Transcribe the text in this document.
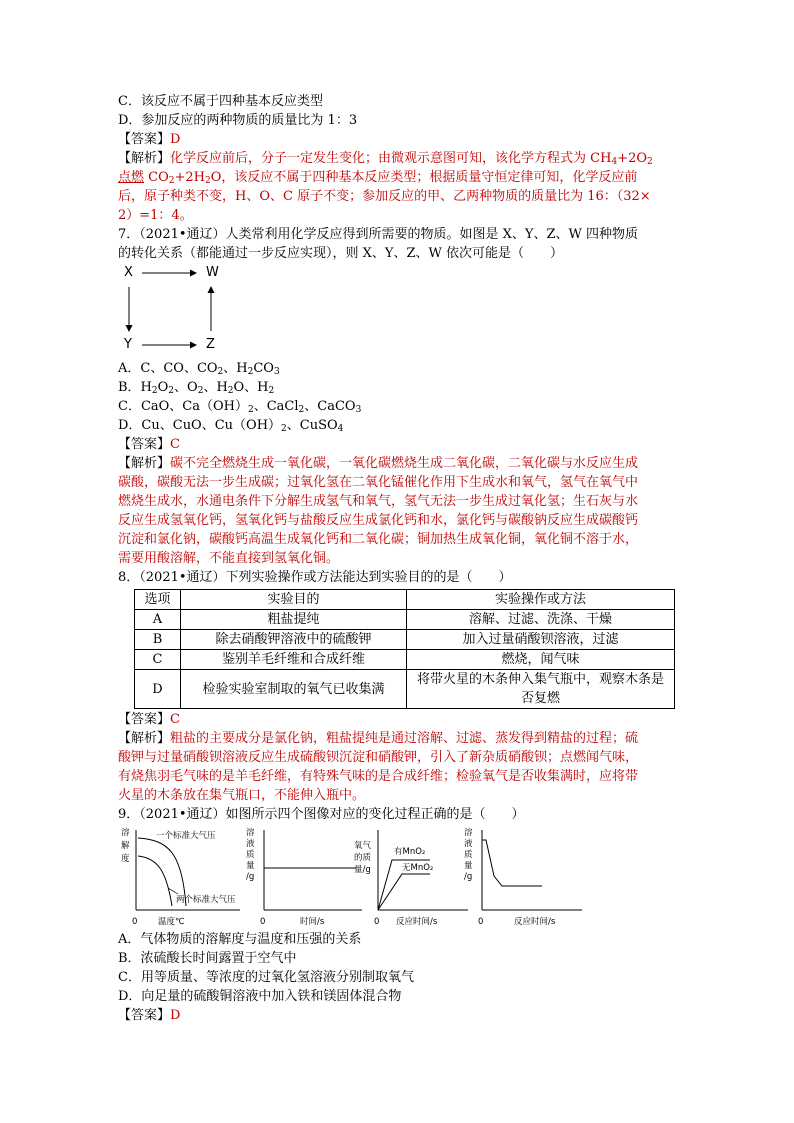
C．该反应不属于四种基本反应类型
D．参加反应的两种物质的质量比为 1：3
【答案】D
【解析】化学反应前后，分子一定发生变化；由微观示意图可知，该化学方程式为 $CH_4+2O_2$
点燃 $CO_2+2H_2O$，该反应不属于四种基本反应类型；根据质量守恒定律可知，化学反应前
后，原子种类不变，H、O、C 原子不变；参加反应的甲、乙两种物质的质量比为 16：（32×
2）=1：4。
7．（2021•通辽）人类常利用化学反应得到所需要的物质。如图是 X、Y、Z、W 四种物质
的转化关系（都能通过一步反应实现），则 X、Y、Z、W 依次可能是（　　）
X	W
Y	Z
A．C、CO、$CO_2$、$H_2CO_3$
B．$H_2O_2$、$O_2$、$H_2O$、$H_2$
C．CaO、$Ca(OH)_2$、CaCl$_2$、CaCO$_3$
D．Cu、CuO、$Cu(OH)_2$、CuSO$_4$
【答案】C
【解析】碳不完全燃烧生成一氧化碳，一氧化碳燃烧生成二氧化碳，二氧化碳与水反应生成
碳酸，碳酸无法一步生成碳；过氧化氢在二氧化锰催化作用下生成水和氧气，氢气在氧气中
燃烧生成水，水通电条件下分解生成氢气和氧气，氢气无法一步生成过氧化氢；生石灰与水
反应生成氢氧化钙，氢氧化钙与盐酸反应生成氯化钙和水，氯化钙与碳酸钠反应生成碳酸钙
沉淀和氯化钠，碳酸钙高温生成氧化钙和二氧化碳；铜加热生成氧化铜，氧化铜不溶于水，
需要用酸溶解，不能直接到氢氧化铜。
8．（2021•通辽）下列实验操作或方法能达到实验目的的是（　　）
选项	实验目的	实验操作或方法
A	粗盐提纯	溶解、过滤、洗涤、干燥
B	除去硝酸钾溶液中的硫酸钾	加入过量硝酸钡溶液，过滤
C	鉴别羊毛纤维和合成纤维	燃烧，闻气味
D	检验实验室制取的氧气已收集满	将带火星的木条伸入集气瓶中，观察木条是
否复燃
【答案】C
【解析】粗盐的主要成分是氯化钠，粗盐提纯是通过溶解、过滤、蒸发得到精盐的过程；硫
酸钾与过量硝酸钡溶液反应生成硫酸钡沉淀和硝酸钾，引入了新杂质硝酸钡；点燃闻气味，
有烧焦羽毛气味的是羊毛纤维，有特殊气味的是合成纤维；检验氧气是否收集满时，应将带
火星的木条放在集气瓶口，不能伸入瓶中。
9．（2021•通辽）如图所示四个图像对应的变化过程正确的是（　　）
溶
解
度
一个标准大气压
两个标准大气压
0 温度℃
溶
液
质
量
/g
0	时间/s
氧气
的质
量/g
有MnO₂
无MnO₂
0 反应时间/s
溶
液
质
量
/g
0	反应时间/s
A．气体物质的溶解度与温度和压强的关系
B．浓硫酸长时间露置于空气中
C．用等质量、等浓度的过氧化氢溶液分别制取氧气
D．向足量的硫酸铜溶液中加入铁和镁固体混合物
【答案】D
